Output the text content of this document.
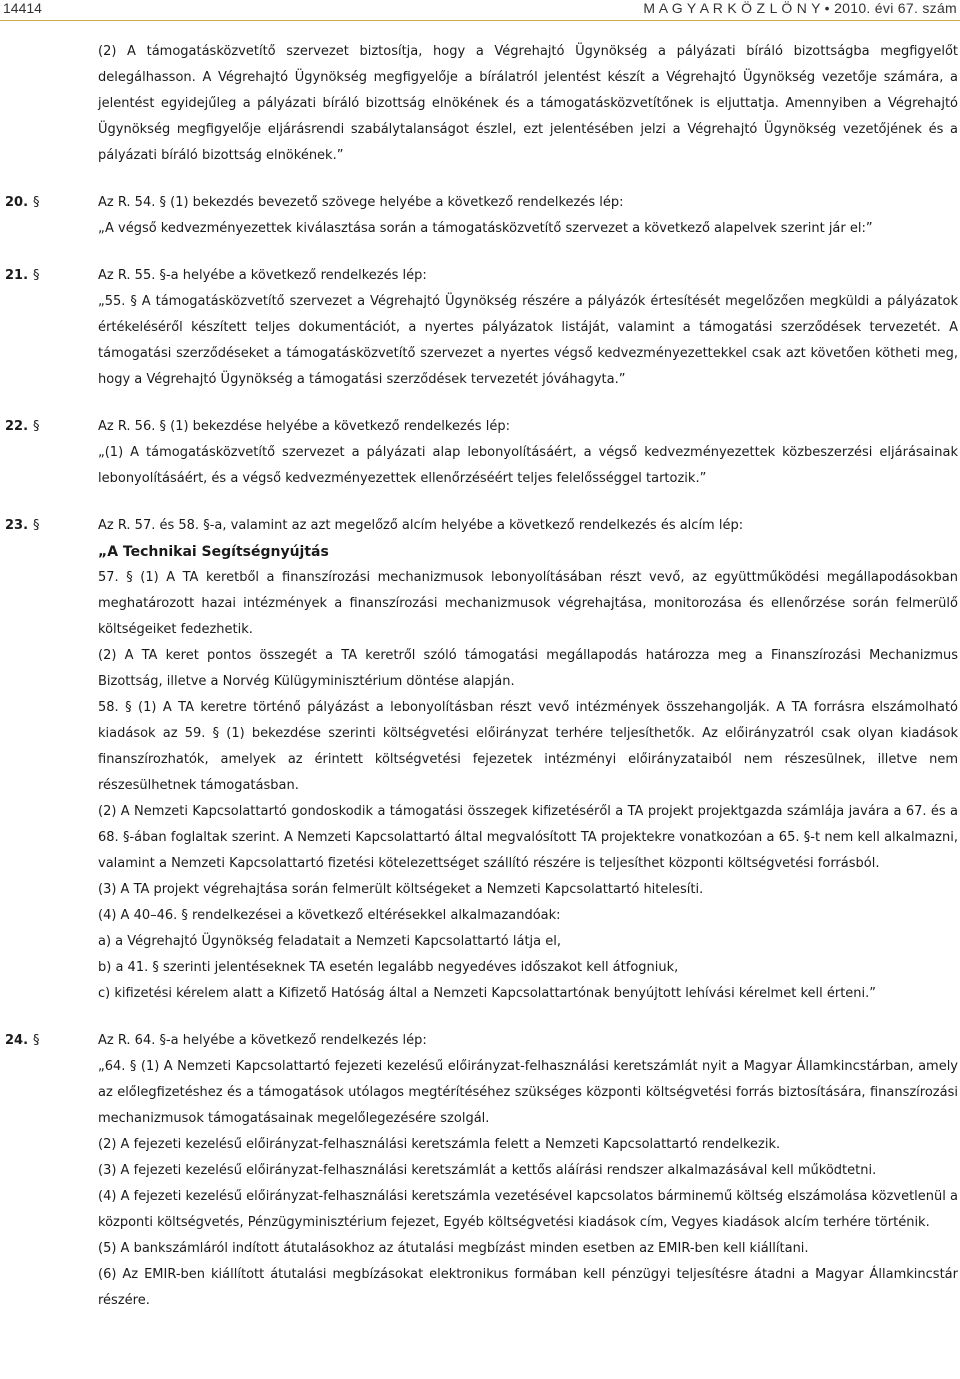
14414	M A G Y A R K Ö Z L Ö N Y • 2010. évi 67. szám

(2) A támogatásközvetítő szervezet biztosítja, hogy a Végrehajtó Ügynökség a pályázati bíráló bizottságba megfigyelőt delegálhasson. A Végrehajtó Ügynökség megfigyelője a bírálatról jelentést készít a Végrehajtó Ügynökség vezetője számára, a jelentést egyidejűleg a pályázati bíráló bizottság elnökének és a támogatásközvetítőnek is eljuttatja. Amennyiben a Végrehajtó Ügynökség megfigyelője eljárásrendi szabálytalanságot észlel, ezt jelentésében jelzi a Végrehajtó Ügynökség vezetőjének és a pályázati bíráló bizottság elnökének.”

20. §	Az R. 54. § (1) bekezdés bevezető szövege helyébe a következő rendelkezés lép:

„A végső kedvezményezettek kiválasztása során a támogatásközvetítő szervezet a következő alapelvek szerint jár el:”

21. §	Az R. 55. §-a helyébe a következő rendelkezés lép:

„55. § A támogatásközvetítő szervezet a Végrehajtó Ügynökség részére a pályázók értesítését megelőzően megküldi a pályázatok értékeléséről készített teljes dokumentációt, a nyertes pályázatok listáját, valamint a támogatási szerződések tervezetét. A támogatási szerződéseket a támogatásközvetítő szervezet a nyertes végső kedvezményezettekkel csak azt követően kötheti meg, hogy a Végrehajtó Ügynökség a támogatási szerződések tervezetét jóváhagyta.”

22. §	Az R. 56. § (1) bekezdése helyébe a következő rendelkezés lép:

„(1) A támogatásközvetítő szervezet a pályázati alap lebonyolításáért, a végső kedvezményezettek közbeszerzési eljárásainak lebonyolításáért, és a végső kedvezményezettek ellenőrzéséért teljes felelősséggel tartozik.”

23. §	Az R. 57. és 58. §-a, valamint az azt megelőző alcím helyébe a következő rendelkezés és alcím lép:

„A Technikai Segítségnyújtás

57. § (1) A TA keretből a finanszírozási mechanizmusok lebonyolításában részt vevő, az együttműködési megállapodásokban meghatározott hazai intézmények a finanszírozási mechanizmusok végrehajtása, monitorozása és ellenőrzése során felmerülő költségeiket fedezhetik.

(2) A TA keret pontos összegét a TA keretről szóló támogatási megállapodás határozza meg a Finanszírozási Mechanizmus Bizottság, illetve a Norvég Külügyminisztérium döntése alapján.

58. § (1) A TA keretre történő pályázást a lebonyolításban részt vevő intézmények összehangolják. A TA forrásra elszámolható kiadások az 59. § (1) bekezdése szerinti költségvetési előirányzat terhére teljesíthetők. Az előirányzatról csak olyan kiadások finanszírozhatók, amelyek az érintett költségvetési fejezetek intézményi előirányzataiból nem részesülnek, illetve nem részesülhetnek támogatásban.

(2) A Nemzeti Kapcsolattartó gondoskodik a támogatási összegek kifizetéséről a TA projekt projektgazda számlája javára a 67. és a 68. §-ában foglaltak szerint. A Nemzeti Kapcsolattartó által megvalósított TA projektekre vonatkozóan a 65. §-t nem kell alkalmazni, valamint a Nemzeti Kapcsolattartó fizetési kötelezettséget szállító részére is teljesíthet központi költségvetési forrásból.

(3) A TA projekt végrehajtása során felmerült költségeket a Nemzeti Kapcsolattartó hitelesíti.

(4) A 40–46. § rendelkezései a következő eltérésekkel alkalmazandóak:

a) a Végrehajtó Ügynökség feladatait a Nemzeti Kapcsolattartó látja el,

b) a 41. § szerinti jelentéseknek TA esetén legalább negyedéves időszakot kell átfogniuk,

c) kifizetési kérelem alatt a Kifizető Hatóság által a Nemzeti Kapcsolattartónak benyújtott lehívási kérelmet kell érteni.”

24. §	Az R. 64. §-a helyébe a következő rendelkezés lép:

„64. § (1) A Nemzeti Kapcsolattartó fejezeti kezelésű előirányzat-felhasználási keretszámlát nyit a Magyar Államkincstárban, amely az előlegfizetéshez és a támogatások utólagos megtérítéséhez szükséges központi költségvetési forrás biztosítására, finanszírozási mechanizmusok támogatásainak megelőlegezésére szolgál.

(2) A fejezeti kezelésű előirányzat-felhasználási keretszámla felett a Nemzeti Kapcsolattartó rendelkezik.

(3) A fejezeti kezelésű előirányzat-felhasználási keretszámlát a kettős aláírási rendszer alkalmazásával kell működtetni.

(4) A fejezeti kezelésű előirányzat-felhasználási keretszámla vezetésével kapcsolatos bárminemű költség elszámolása közvetlenül a központi költségvetés, Pénzügyminisztérium fejezet, Egyéb költségvetési kiadások cím, Vegyes kiadások alcím terhére történik.

(5) A bankszámláról indított átutalásokhoz az átutalási megbízást minden esetben az EMIR-ben kell kiállítani.

(6) Az EMIR-ben kiállított átutalási megbízásokat elektronikus formában kell pénzügyi teljesítésre átadni a Magyar Államkincstár részére.
